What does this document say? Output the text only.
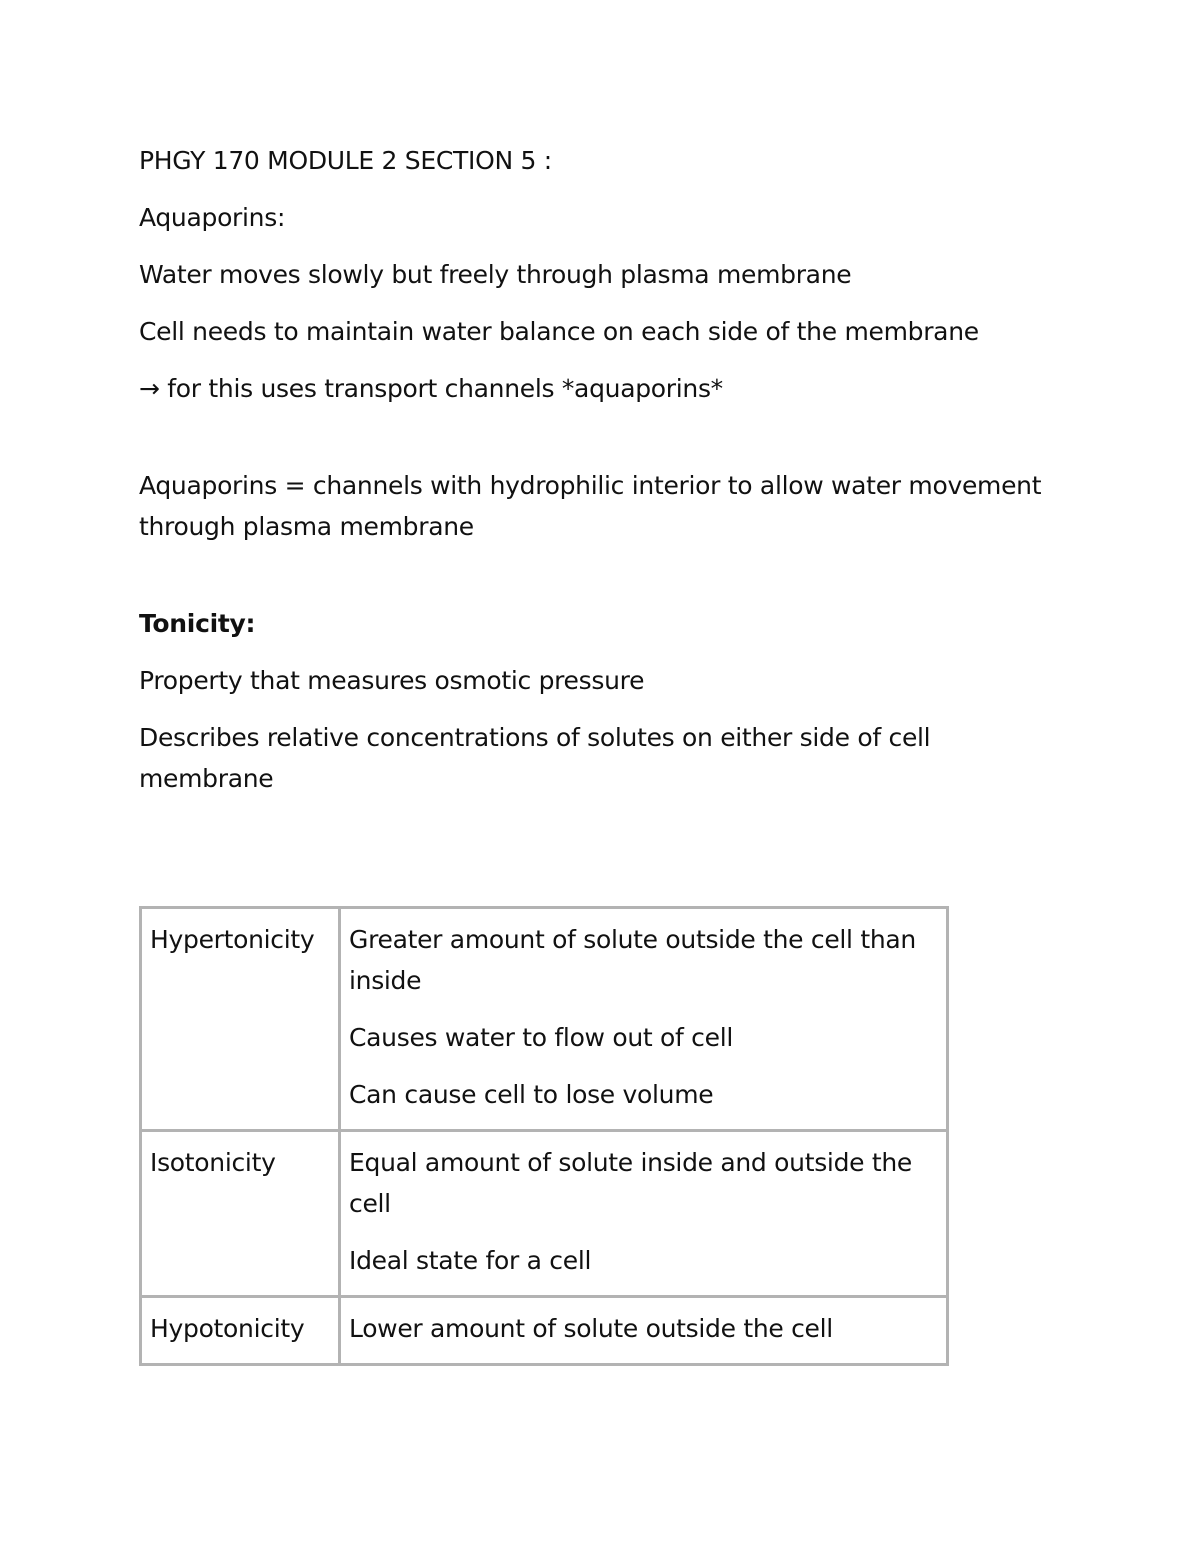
PHGY 170 MODULE 2 SECTION 5 :

Aquaporins:

Water moves slowly but freely through plasma membrane

Cell needs to maintain water balance on each side of the membrane

→ for this uses transport channels *aquaporins*

Aquaporins = channels with hydrophilic interior to allow water movement through plasma membrane

Tonicity:

Property that measures osmotic pressure

Describes relative concentrations of solutes on either side of cell membrane

Hypertonicity	Greater amount of solute outside the cell than inside

Causes water to flow out of cell

Can cause cell to lose volume

Isotonicity	Equal amount of solute inside and outside the cell

Ideal state for a cell

Hypotonicity	Lower amount of solute outside the cell
